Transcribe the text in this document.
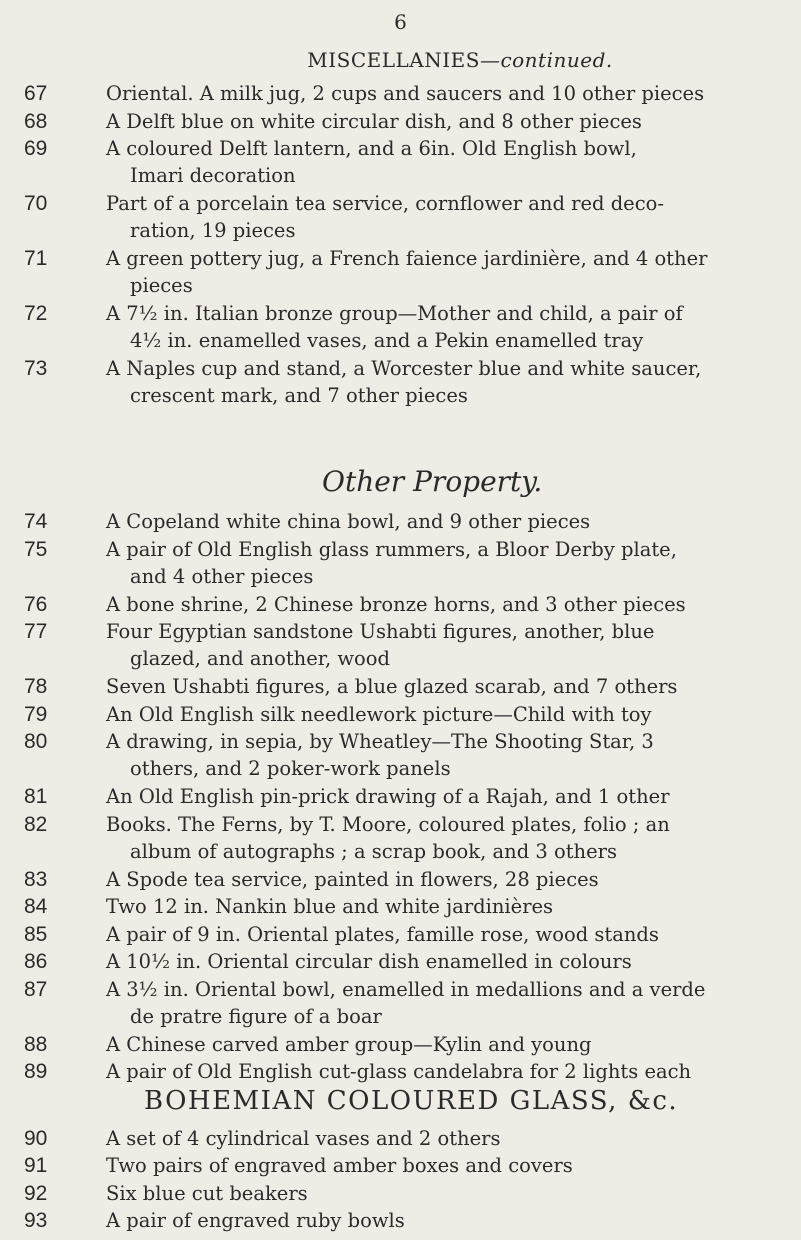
6
MISCELLANIES—continued.
67	Oriental. A milk jug, 2 cups and saucers and 10 other pieces
68	A Delft blue on white circular dish, and 8 other pieces
69	A coloured Delft lantern, and a 6in. Old English bowl,
Imari decoration
70	Part of a porcelain tea service, cornflower and red deco-
ration, 19 pieces
71	A green pottery jug, a French faience jardinière, and 4 other
pieces
72	A 7½ in. Italian bronze group—Mother and child, a pair of
4½ in. enamelled vases, and a Pekin enamelled tray
73	A Naples cup and stand, a Worcester blue and white saucer,
crescent mark, and 7 other pieces
Other Property.
74	A Copeland white china bowl, and 9 other pieces
75	A pair of Old English glass rummers, a Bloor Derby plate,
and 4 other pieces
76	A bone shrine, 2 Chinese bronze horns, and 3 other pieces
77	Four Egyptian sandstone Ushabti figures, another, blue
glazed, and another, wood
78	Seven Ushabti figures, a blue glazed scarab, and 7 others
79	An Old English silk needlework picture—Child with toy
80	A drawing, in sepia, by Wheatley—The Shooting Star, 3
others, and 2 poker-work panels
81	An Old English pin-prick drawing of a Rajah, and 1 other
82	Books. The Ferns, by T. Moore, coloured plates, folio ; an
album of autographs ; a scrap book, and 3 others
83	A Spode tea service, painted in flowers, 28 pieces
84	Two 12 in. Nankin blue and white jardinières
85	A pair of 9 in. Oriental plates, famille rose, wood stands
86	A 10½ in. Oriental circular dish enamelled in colours
87	A 3½ in. Oriental bowl, enamelled in medallions and a verde
de pratre figure of a boar
88	A Chinese carved amber group—Kylin and young
89	A pair of Old English cut-glass candelabra for 2 lights each
BOHEMIAN COLOURED GLASS, &c.
90	A set of 4 cylindrical vases and 2 others
91	Two pairs of engraved amber boxes and covers
92	Six blue cut beakers
93	A pair of engraved ruby bowls
